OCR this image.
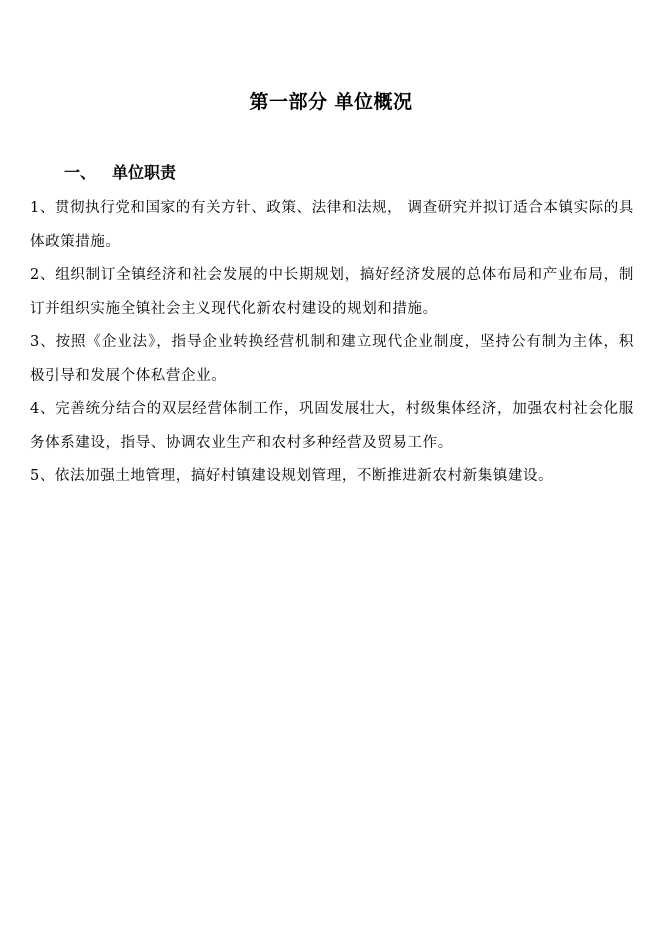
第一部分 单位概况
一、 单位职责

1、贯彻执行党和国家的有关方针、政策、法律和法规， 调查研究并拟订适合本镇实际的具体政策措施。

2、组织制订全镇经济和社会发展的中长期规划，搞好经济发展的总体布局和产业布局，制订并组织实施全镇社会主义现代化新农村建设的规划和措施。

3、按照《企业法》，指导企业转换经营机制和建立现代企业制度，坚持公有制为主体，积极引导和发展个体私营企业。

4、完善统分结合的双层经营体制工作，巩固发展壮大，村级集体经济，加强农村社会化服务体系建设，指导、协调农业生产和农村多种经营及贸易工作。

5、依法加强土地管理，搞好村镇建设规划管理，不断推进新农村新集镇建设。
